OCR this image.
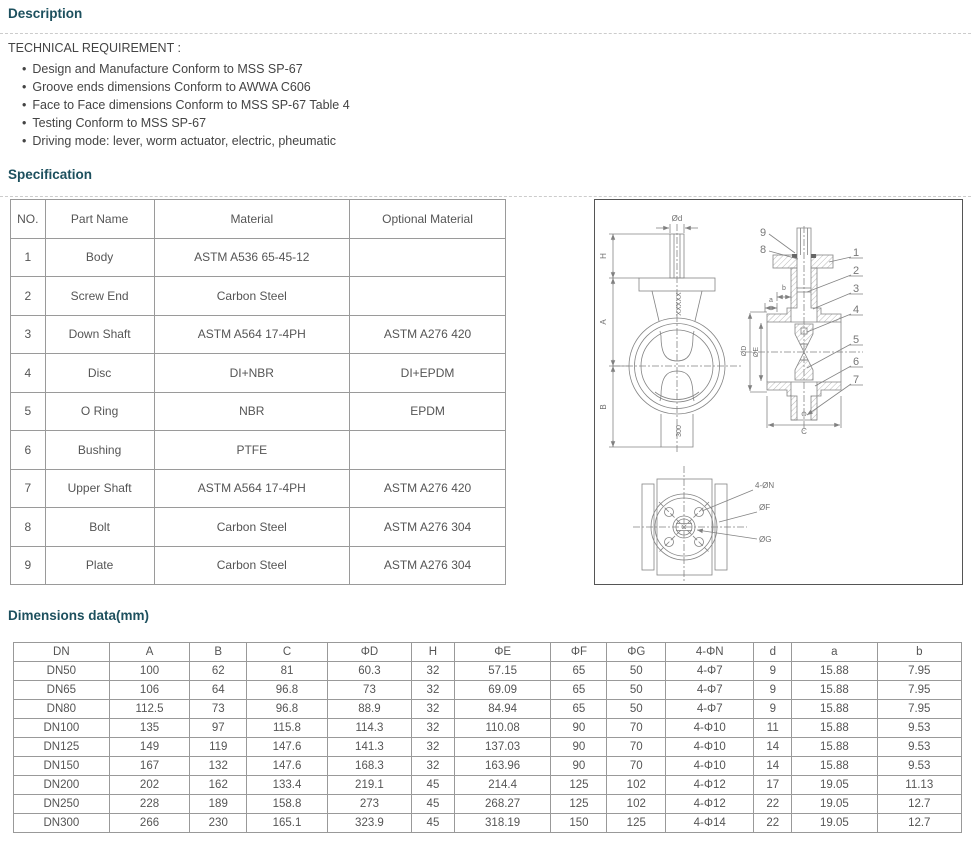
Description

TECHNICAL REQUIREMENT :

• Design and Manufacture Conform to MSS SP-67
• Groove ends dimensions Conform to AWWA C606
• Face to Face dimensions Conform to MSS SP-67 Table 4
• Testing Conform to MSS SP-67
• Driving mode: lever, worm actuator, electric, pheumatic
Specification
NO.	Part Name	Material	Optional Material
1	Body	ASTM A536 65-45-12	
2	Screw End	Carbon Steel	
3	Down Shaft	ASTM A564 17-4PH	ASTM A276 420
4	Disc	DI+NBR	DI+EPDM
5	O Ring	NBR	EPDM
6	Bushing	PTFE	
7	Upper Shaft	ASTM A564 17-4PH	ASTM A276 420
8	Bolt	Carbon Steel	ASTM A276 304
9	Plate	Carbon Steel	ASTM A276 304
Ød
H
A
B
XXXXX
300
9
8	1
2
3
4
5
6
7
b
a
ØD ØE
C
4-ØN
ØF
ØG
Dimensions data(mm)
DN	A	B	C	ΦD	H	ΦE	ΦF	ΦG	4-ΦN	d	a	b
DN50	100	62	81	60.3	32	57.15	65	50	4-Φ7	9	15.88	7.95
DN65	106	64	96.8	73	32	69.09	65	50	4-Φ7	9	15.88	7.95
DN80	112.5	73	96.8	88.9	32	84.94	65	50	4-Φ7	9	15.88	7.95
DN100	135	97	115.8	114.3	32	110.08	90	70	4-Φ10	11	15.88	9.53
DN125	149	119	147.6	141.3	32	137.03	90	70	4-Φ10	14	15.88	9.53
DN150	167	132	147.6	168.3	32	163.96	90	70	4-Φ10	14	15.88	9.53
DN200	202	162	133.4	219.1	45	214.4	125	102	4-Φ12	17	19.05	11.13
DN250	228	189	158.8	273	45	268.27	125	102	4-Φ12	22	19.05	12.7
DN300	266	230	165.1	323.9	45	318.19	150	125	4-Φ14	22	19.05	12.7
